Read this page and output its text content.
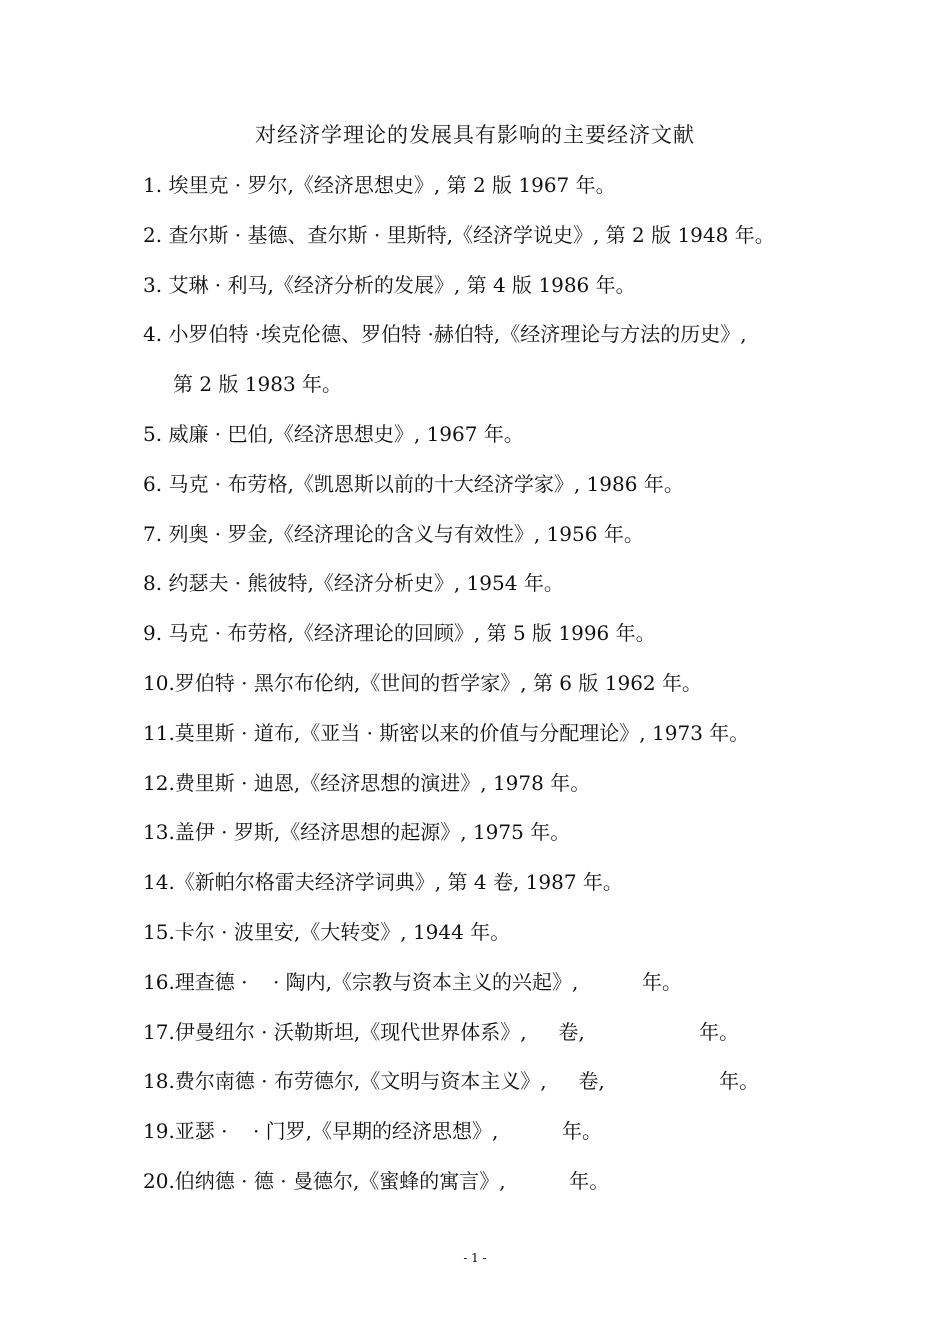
对经济学理论的发展具有影响的主要经济文献
1. 埃里克 · 罗尔,《经济思想史》, 第 2 版 1967 年。
2. 查尔斯 · 基德、查尔斯 · 里斯特,《经济学说史》, 第 2 版 1948 年。
3. 艾琳 · 利马,《经济分析的发展》, 第 4 版 1986 年。
4. 小罗伯特 ·埃克伦德、罗伯特 ·赫伯特,《经济理论与方法的历史》,
第 2 版 1983 年。
5. 威廉 · 巴伯,《经济思想史》, 1967 年。
6. 马克 · 布劳格,《凯恩斯以前的十大经济学家》, 1986 年。
7. 列奥 · 罗金,《经济理论的含义与有效性》, 1956 年。
8. 约瑟夫 · 熊彼特,《经济分析史》, 1954 年。
9. 马克 · 布劳格,《经济理论的回顾》, 第 5 版 1996 年。
10.罗伯特 · 黑尔布伦纳,《世间的哲学家》, 第 6 版 1962 年。
11.莫里斯 · 道布,《亚当 · 斯密以来的价值与分配理论》, 1973 年。
12.费里斯 · 迪恩,《经济思想的演进》, 1978 年。
13.盖伊 · 罗斯,《经济思想的起源》, 1975 年。
14.《新帕尔格雷夫经济学词典》, 第 4 卷, 1987 年。
15.卡尔 · 波里安,《大转变》, 1944 年。
16.理查德 ·    · 陶内,《宗教与资本主义的兴起》,          年。
17.伊曼纽尔 · 沃勒斯坦,《现代世界体系》,     卷,                  年。
18.费尔南德 · 布劳德尔,《文明与资本主义》,     卷,                  年。
19.亚瑟 ·    · 门罗,《早期的经济思想》,          年。
20.伯纳德 · 德 · 曼德尔,《蜜蜂的寓言》,          年。
- 1 -
